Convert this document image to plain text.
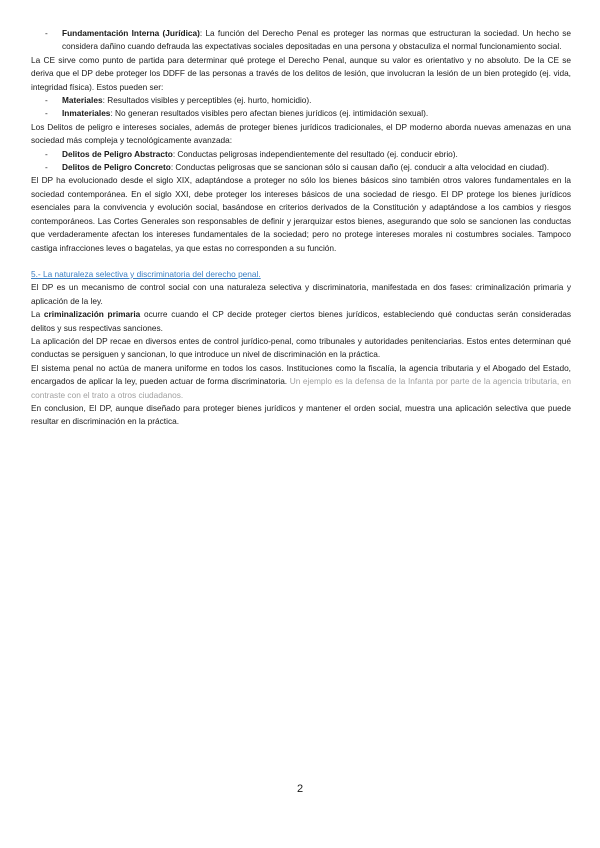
- Fundamentación Interna (Jurídica): La función del Derecho Penal es proteger las normas que estructuran la sociedad. Un hecho se considera dañino cuando defrauda las expectativas sociales depositadas en una persona y obstaculiza el normal funcionamiento social.

La CE sirve como punto de partida para determinar qué protege el Derecho Penal, aunque su valor es orientativo y no absoluto. De la CE se deriva que el DP debe proteger los DDFF de las personas a través de los delitos de lesión, que involucran la lesión de un bien protegido (ej. vida, integridad física). Estos pueden ser:

- Materiales: Resultados visibles y perceptibles (ej. hurto, homicidio).

- Inmateriales: No generan resultados visibles pero afectan bienes jurídicos (ej. intimidación sexual).

Los Delitos de peligro e intereses sociales, además de proteger bienes jurídicos tradicionales, el DP moderno aborda nuevas amenazas en una sociedad más compleja y tecnológicamente avanzada:

- Delitos de Peligro Abstracto: Conductas peligrosas independientemente del resultado (ej. conducir ebrio).

- Delitos de Peligro Concreto: Conductas peligrosas que se sancionan sólo si causan daño (ej. conducir a alta velocidad en ciudad).

El DP ha evolucionado desde el siglo XIX, adaptándose a proteger no sólo los bienes básicos sino también otros valores fundamentales en la sociedad contemporánea. En el siglo XXI, debe proteger los intereses básicos de una sociedad de riesgo. El DP protege los bienes jurídicos esenciales para la convivencia y evolución social, basándose en criterios derivados de la Constitución y adaptándose a los cambios y riesgos contemporáneos. Las Cortes Generales son responsables de definir y jerarquizar estos bienes, asegurando que solo se sancionen las conductas que verdaderamente afectan los intereses fundamentales de la sociedad; pero no protege intereses morales ni costumbres sociales. Tampoco castiga infracciones leves o bagatelas, ya que estas no corresponden a su función.

5.- La naturaleza selectiva y discriminatoria del derecho penal.

El DP es un mecanismo de control social con una naturaleza selectiva y discriminatoria, manifestada en dos fases: criminalización primaria y aplicación de la ley.

La criminalización primaria ocurre cuando el CP decide proteger ciertos bienes jurídicos, estableciendo qué conductas serán consideradas delitos y sus respectivas sanciones.

La aplicación del DP recae en diversos entes de control jurídico-penal, como tribunales y autoridades penitenciarias. Estos entes determinan qué conductas se persiguen y sancionan, lo que introduce un nivel de discriminación en la práctica.

El sistema penal no actúa de manera uniforme en todos los casos. Instituciones como la fiscalía, la agencia tributaria y el Abogado del Estado, encargados de aplicar la ley, pueden actuar de forma discriminatoria. Un ejemplo es la defensa de la Infanta por parte de la agencia tributaria, en contraste con el trato a otros ciudadanos.

En conclusion, El DP, aunque diseñado para proteger bienes jurídicos y mantener el orden social, muestra una aplicación selectiva que puede resultar en discriminación en la práctica.

2
